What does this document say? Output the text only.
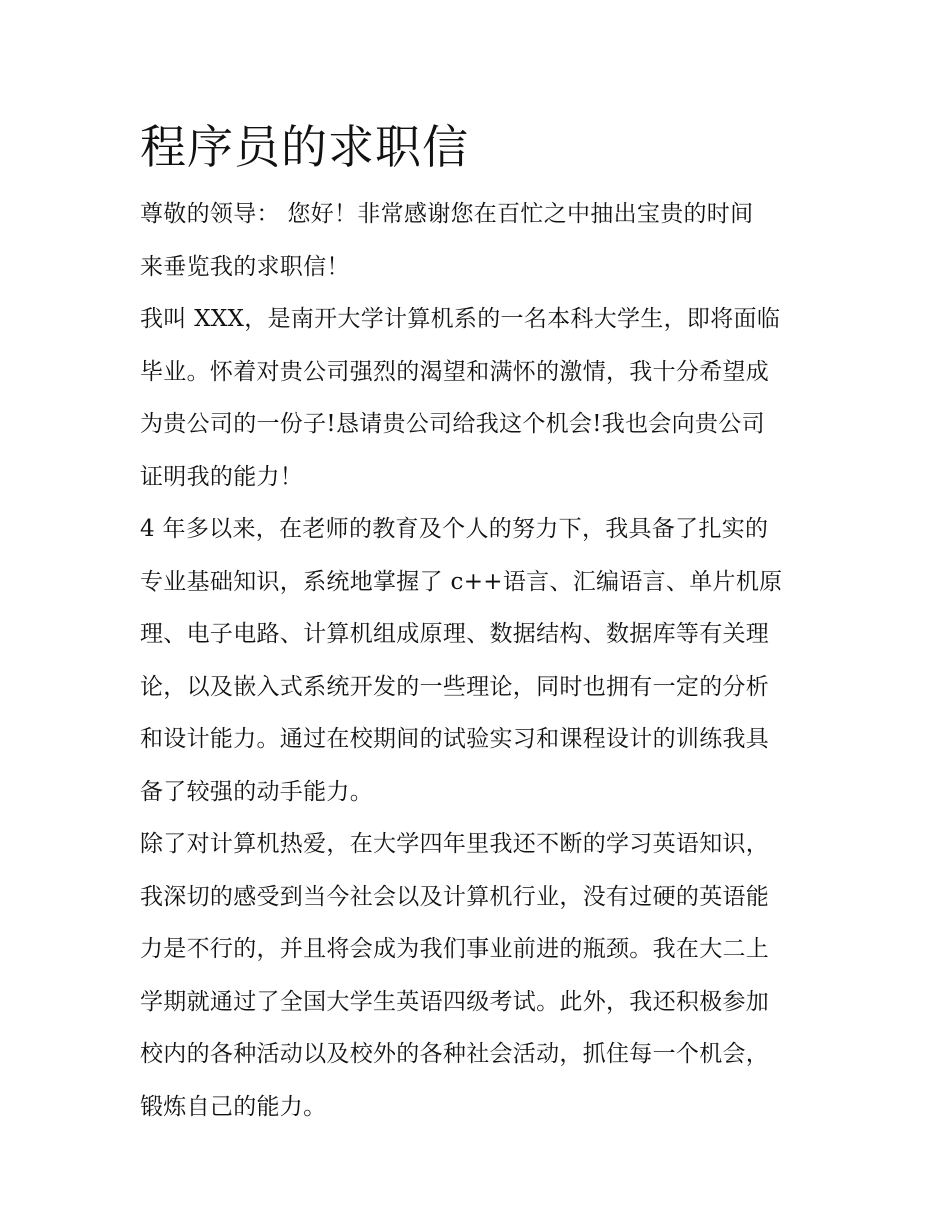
程序员的求职信
尊敬的领导： 您好！非常感谢您在百忙之中抽出宝贵的时间
来垂览我的求职信！
我叫 XXX，是南开大学计算机系的一名本科大学生，即将面临
毕业。怀着对贵公司强烈的渴望和满怀的激情，我十分希望成
为贵公司的一份子!恳请贵公司给我这个机会!我也会向贵公司
证明我的能力！
4 年多以来，在老师的教育及个人的努力下，我具备了扎实的
专业基础知识，系统地掌握了 c++语言、汇编语言、单片机原
理、电子电路、计算机组成原理、数据结构、数据库等有关理
论，以及嵌入式系统开发的一些理论，同时也拥有一定的分析
和设计能力。通过在校期间的试验实习和课程设计的训练我具
备了较强的动手能力。
除了对计算机热爱，在大学四年里我还不断的学习英语知识，
我深切的感受到当今社会以及计算机行业，没有过硬的英语能
力是不行的，并且将会成为我们事业前进的瓶颈。我在大二上
学期就通过了全国大学生英语四级考试。此外，我还积极参加
校内的各种活动以及校外的各种社会活动，抓住每一个机会，
锻炼自己的能力。
